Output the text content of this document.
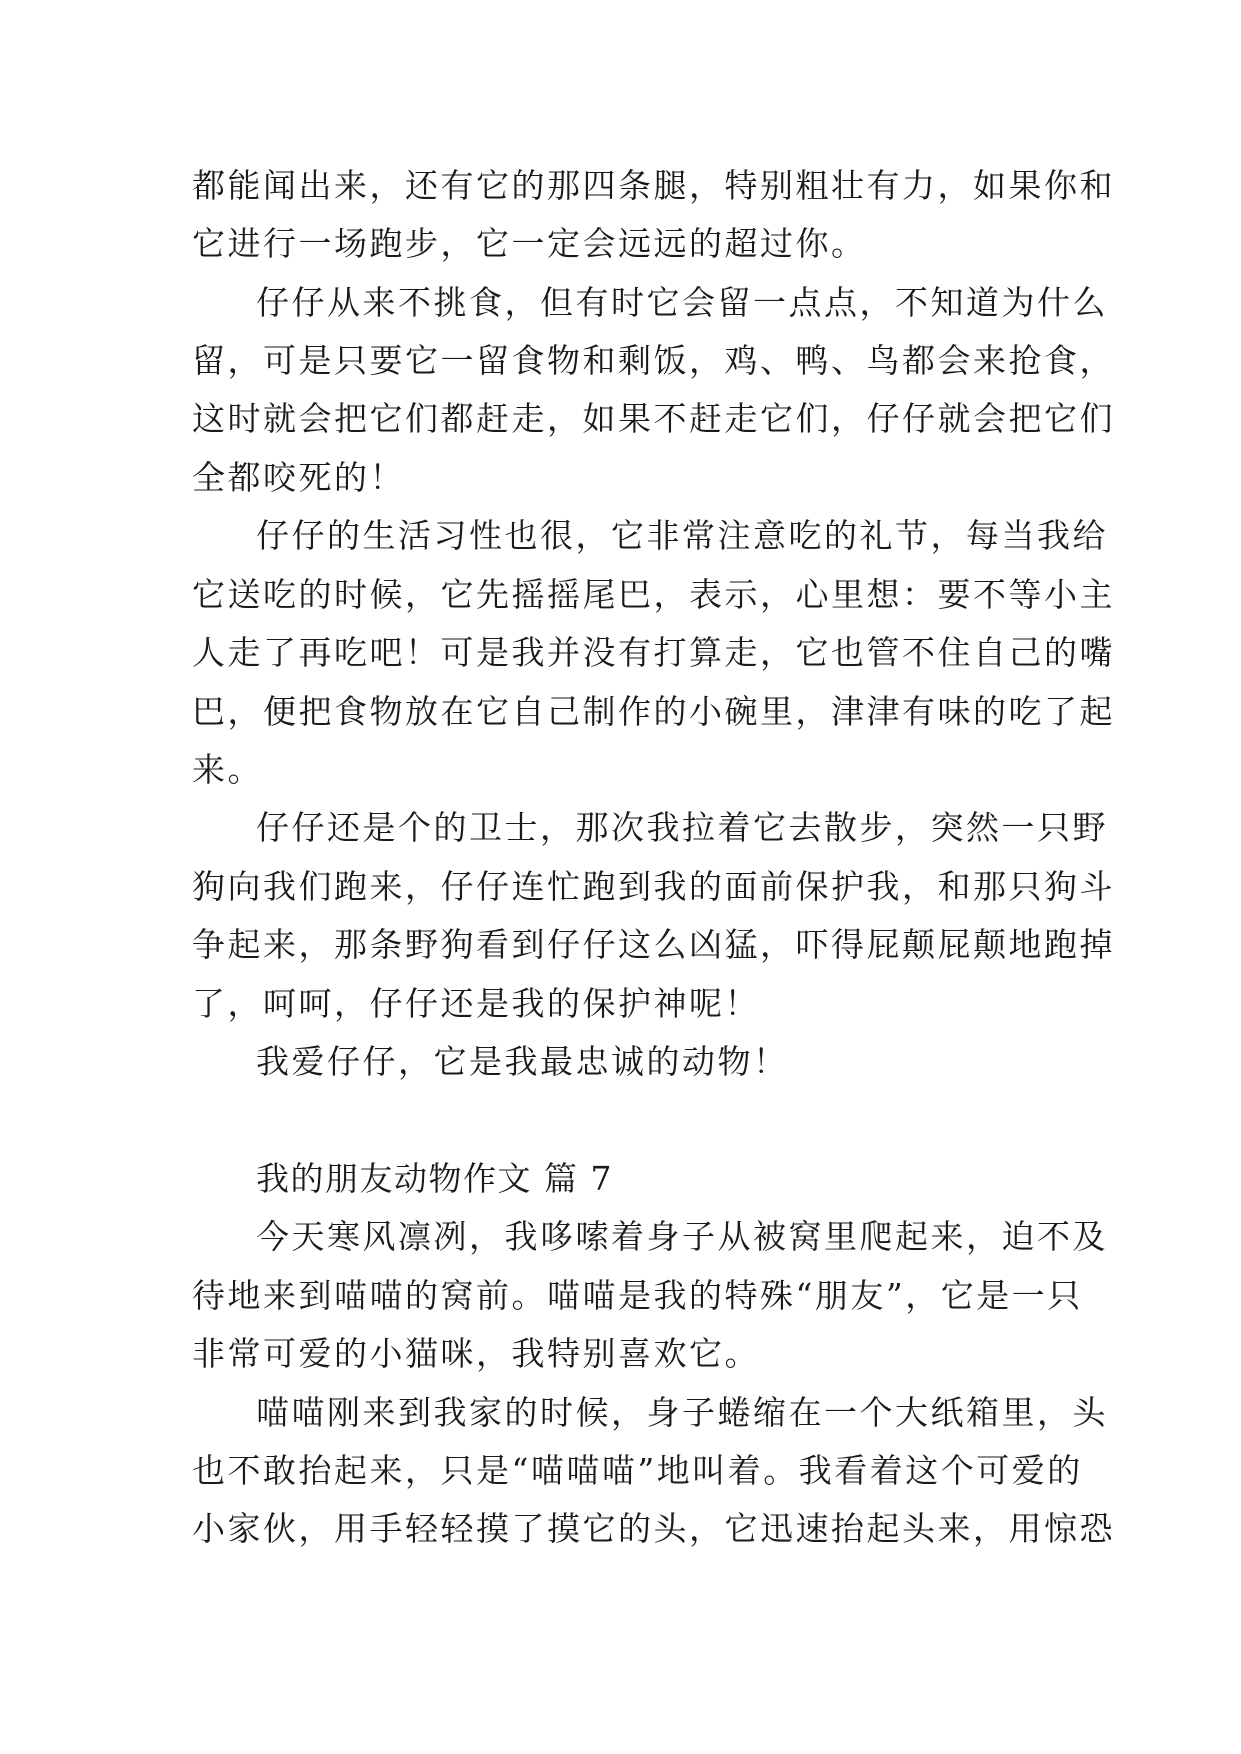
都能闻出来，还有它的那四条腿，特别粗壮有力，如果你和
它进行一场跑步，它一定会远远的超过你。
仔仔从来不挑食，但有时它会留一点点，不知道为什么
留，可是只要它一留食物和剩饭，鸡、鸭、鸟都会来抢食，
这时就会把它们都赶走，如果不赶走它们，仔仔就会把它们
全都咬死的！
仔仔的生活习性也很，它非常注意吃的礼节，每当我给
它送吃的时候，它先摇摇尾巴，表示，心里想：要不等小主
人走了再吃吧！可是我并没有打算走，它也管不住自己的嘴
巴，便把食物放在它自己制作的小碗里，津津有味的吃了起
来。
仔仔还是个的卫士，那次我拉着它去散步，突然一只野
狗向我们跑来，仔仔连忙跑到我的面前保护我，和那只狗斗
争起来，那条野狗看到仔仔这么凶猛，吓得屁颠屁颠地跑掉
了，呵呵，仔仔还是我的保护神呢！
我爱仔仔，它是我最忠诚的动物！
我的朋友动物作文 篇 7
今天寒风凛冽，我哆嗦着身子从被窝里爬起来，迫不及
待地来到喵喵的窝前。喵喵是我的特殊“朋友”，它是一只
非常可爱的小猫咪，我特别喜欢它。
喵喵刚来到我家的时候，身子蜷缩在一个大纸箱里，头
也不敢抬起来，只是“喵喵喵”地叫着。我看着这个可爱的
小家伙，用手轻轻摸了摸它的头，它迅速抬起头来，用惊恐
